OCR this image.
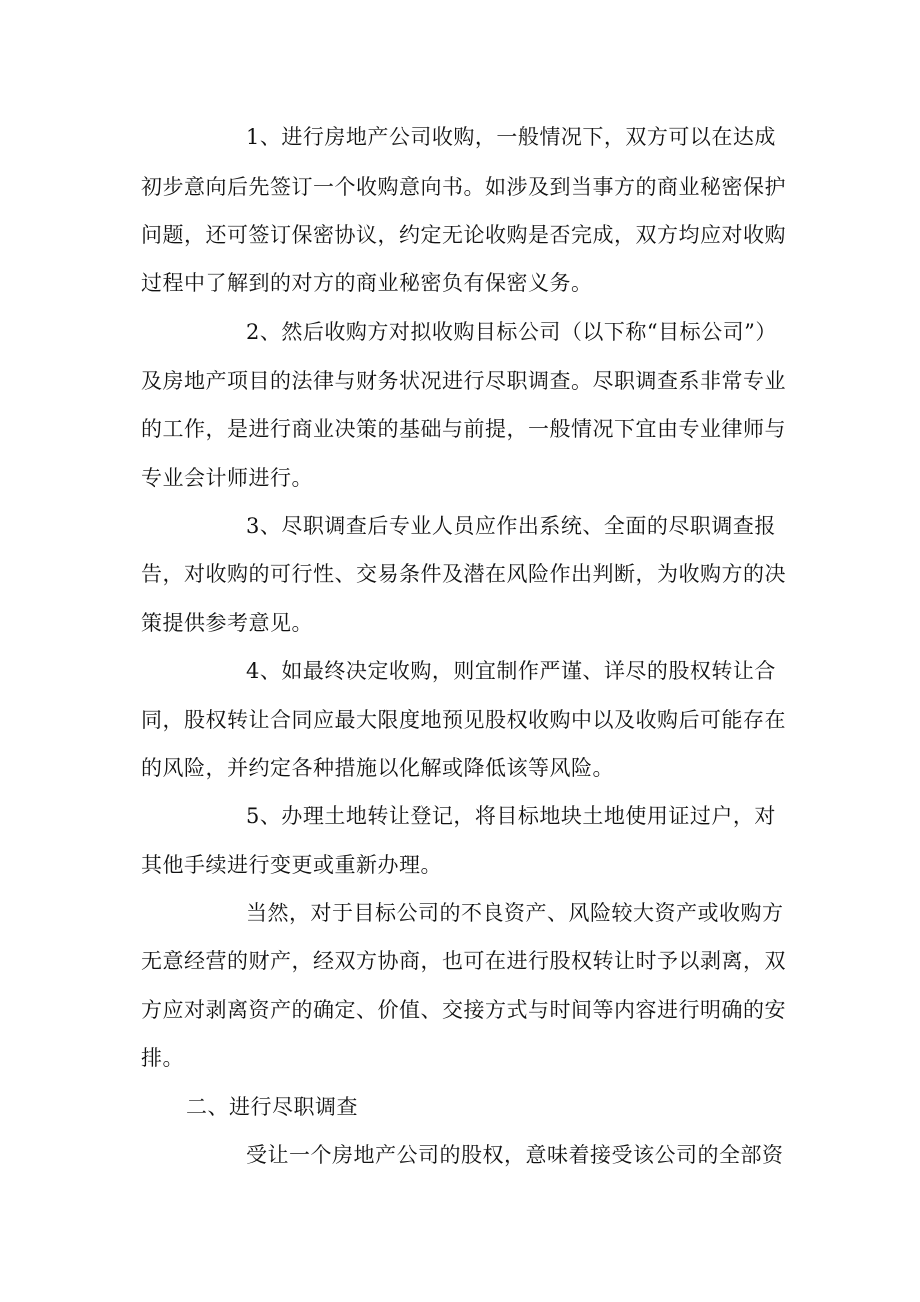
1、进行房地产公司收购，一般情况下，双方可以在达成
初步意向后先签订一个收购意向书。如涉及到当事方的商业秘密保护
问题，还可签订保密协议，约定无论收购是否完成，双方均应对收购
过程中了解到的对方的商业秘密负有保密义务。
2、然后收购方对拟收购目标公司（以下称“目标公司”）
及房地产项目的法律与财务状况进行尽职调查。尽职调查系非常专业
的工作，是进行商业决策的基础与前提，一般情况下宜由专业律师与
专业会计师进行。
3、尽职调查后专业人员应作出系统、全面的尽职调查报
告，对收购的可行性、交易条件及潜在风险作出判断，为收购方的决
策提供参考意见。
4、如最终决定收购，则宜制作严谨、详尽的股权转让合
同，股权转让合同应最大限度地预见股权收购中以及收购后可能存在
的风险，并约定各种措施以化解或降低该等风险。
5、办理土地转让登记，将目标地块土地使用证过户，对
其他手续进行变更或重新办理。
当然，对于目标公司的不良资产、风险较大资产或收购方
无意经营的财产，经双方协商，也可在进行股权转让时予以剥离，双
方应对剥离资产的确定、价值、交接方式与时间等内容进行明确的安
排。
二、进行尽职调查
受让一个房地产公司的股权，意味着接受该公司的全部资
